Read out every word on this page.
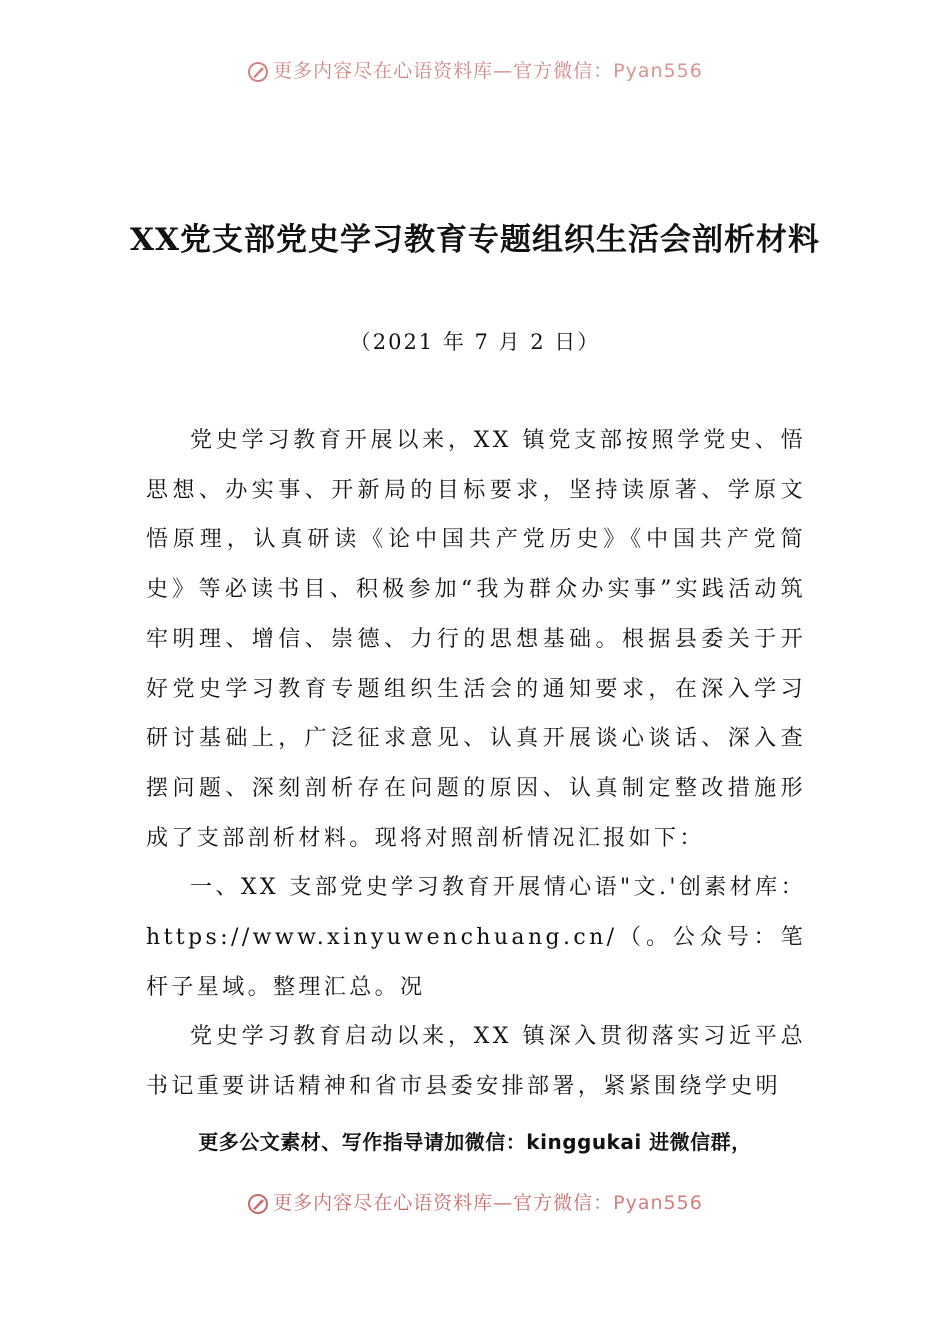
更多内容尽在心语资料库—官方微信：Pyan556
XX党支部党史学习教育专题组织生活会剖析材料
（2021 年 7 月 2 日）

党史学习教育开展以来，XX 镇党支部按照学党史、悟思想、办实事、开新局的目标要求，坚持读原著、学原文悟原理，认真研读《论中国共产党历史》《中国共产党简史》等必读书目、积极参加“我为群众办实事”实践活动筑牢明理、增信、崇德、力行的思想基础。根据县委关于开好党史学习教育专题组织生活会的通知要求，在深入学习研讨基础上，广泛征求意见、认真开展谈心谈话、深入查摆问题、深刻剖析存在问题的原因、认真制定整改措施形成了支部剖析材料。现将对照剖析情况汇报如下：

一、XX 支部党史学习教育开展情心语"文.'创素材库：https://www.xinyuwenchuang.cn/（。公众号：笔杆子星域。整理汇总。况

党史学习教育启动以来，XX 镇深入贯彻落实习近平总书记重要讲话精神和省市县委安排部署，紧紧围绕学史明

更多公文素材、写作指导请加微信：kinggukai 进微信群，
更多内容尽在心语资料库—官方微信：Pyan556
